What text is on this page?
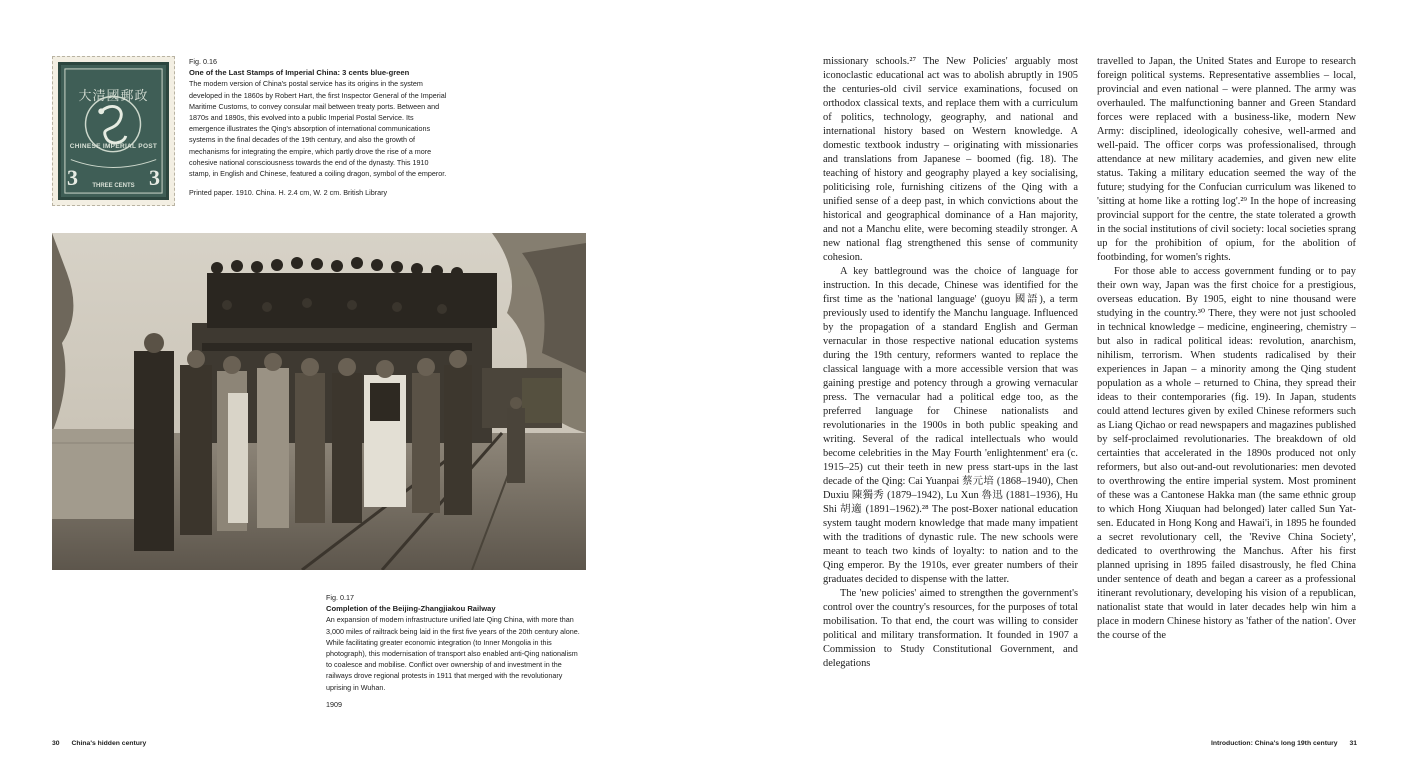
大清國郵政
CHINESE IMPERIAL POST
3	3
THREE CENTS
Fig. 0.16
One of the Last Stamps of Imperial China: 3 cents blue-green
The modern version of China's postal service has its origins in the system developed in the 1860s by Robert Hart, the first Inspector General of the Imperial Maritime Customs, to convey consular mail between treaty ports. Between and 1870s and 1890s, this evolved into a public Imperial Postal Service. Its emergence illustrates the Qing's absorption of international communications systems in the final decades of the 19th century, and also the growth of mechanisms for integrating the empire, which partly drove the rise of a more cohesive national consciousness towards the end of the dynasty. This 1910 stamp, in English and Chinese, featured a coiling dragon, symbol of the emperor.
Printed paper. 1910. China. H. 2.4 cm, W. 2 cm. British Library
Fig. 0.17
Completion of the Beijing-Zhangjiakou Railway
An expansion of modern infrastructure unified late Qing China, with more than 3,000 miles of railtrack being laid in the first five years of the 20th century alone. While facilitating greater economic integration (to Inner Mongolia in this photograph), this modernisation of transport also enabled anti-Qing nationalism to coalesce and mobilise. Conflict over ownership of and investment in the railways drove regional protests in 1911 that merged with the revolutionary uprising in Wuhan.
1909
30 China's hidden century

missionary schools.²⁷ The New Policies' arguably most iconoclastic educational act was to abolish abruptly in 1905 the centuries-old civil service examinations, focused on orthodox classical texts, and replace them with a curriculum of politics, technology, geography, and national and international history based on Western knowledge. A domestic textbook industry – originating with missionaries and translations from Japanese – boomed (fig. 18). The teaching of history and geography played a key socialising, politicising role, furnishing citizens of the Qing with a unified sense of a deep past, in which convictions about the historical and geographical dominance of a Han majority, and not a Manchu elite, were becoming steadily stronger. A new national flag strengthened this sense of community cohesion.

A key battleground was the choice of language for instruction. In this decade, Chinese was identified for the first time as the 'national language' (guoyu 國語), a term previously used to identify the Manchu language. Influenced by the propagation of a standard English and German vernacular in those respective national education systems during the 19th century, reformers wanted to replace the classical language with a more accessible version that was gaining prestige and potency through a growing vernacular press. The vernacular had a political edge too, as the preferred language for Chinese nationalists and revolutionaries in the 1900s in both public speaking and writing. Several of the radical intellectuals who would become celebrities in the May Fourth 'enlightenment' era (c. 1915–25) cut their teeth in new press start-ups in the last decade of the Qing: Cai Yuanpai 蔡元培 (1868–1940), Chen Duxiu 陳獨秀 (1879–1942), Lu Xun 魯迅 (1881–1936), Hu Shi 胡適 (1891–1962).²⁸ The post-Boxer national education system taught modern knowledge that made many impatient with the traditions of dynastic rule. The new schools were meant to teach two kinds of loyalty: to nation and to the Qing emperor. By the 1910s, ever greater numbers of their graduates decided to dispense with the latter.

The 'new policies' aimed to strengthen the government's control over the country's resources, for the purposes of total mobilisation. To that end, the court was willing to consider political and military transformation. It founded in 1907 a Commission to Study Constitutional Government, and delegations

travelled to Japan, the United States and Europe to research foreign political systems. Representative assemblies – local, provincial and even national – were planned. The army was overhauled. The malfunctioning banner and Green Standard forces were replaced with a business-like, modern New Army: disciplined, ideologically cohesive, well-armed and well-paid. The officer corps was professionalised, through attendance at new military academies, and given new elite status. Taking a military education seemed the way of the future; studying for the Confucian curriculum was likened to 'sitting at home like a rotting log'.²⁹ In the hope of increasing provincial support for the centre, the state tolerated a growth in the social institutions of civil society: local societies sprang up for the prohibition of opium, for the abolition of footbinding, for women's rights.

For those able to access government funding or to pay their own way, Japan was the first choice for a prestigious, overseas education. By 1905, eight to nine thousand were studying in the country.³⁰ There, they were not just schooled in technical knowledge – medicine, engineering, chemistry – but also in radical political ideas: revolution, anarchism, nihilism, terrorism. When students radicalised by their experiences in Japan – a minority among the Qing student population as a whole – returned to China, they spread their ideas to their contemporaries (fig. 19). In Japan, students could attend lectures given by exiled Chinese reformers such as Liang Qichao or read newspapers and magazines published by self-proclaimed revolutionaries. The breakdown of old certainties that accelerated in the 1890s produced not only reformers, but also out-and-out revolutionaries: men devoted to overthrowing the entire imperial system. Most prominent of these was a Cantonese Hakka man (the same ethnic group to which Hong Xiuquan had belonged) later called Sun Yat-sen. Educated in Hong Kong and Hawai'i, in 1895 he founded a secret revolutionary cell, the 'Revive China Society', dedicated to overthrowing the Manchus. After his first planned uprising in 1895 failed disastrously, he fled China under sentence of death and began a career as a professional itinerant revolutionary, developing his vision of a republican, nationalist state that would in later decades help win him a place in modern Chinese history as 'father of the nation'. Over the course of the

Introduction: China's long 19th century 31
